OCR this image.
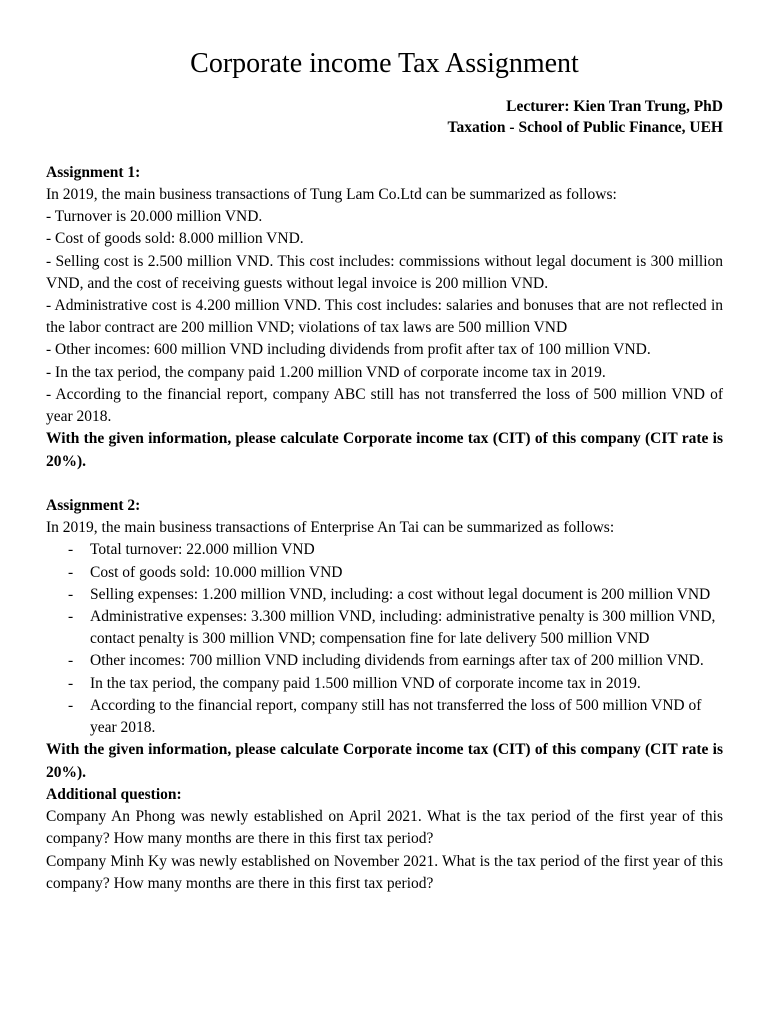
Corporate income Tax Assignment
Lecturer: Kien Tran Trung, PhD
Taxation - School of Public Finance, UEH

Assignment 1:

In 2019, the main business transactions of Tung Lam Co.Ltd can be summarized as follows:

- Turnover is 20.000 million VND.

- Cost of goods sold: 8.000 million VND.

- Selling cost is 2.500 million VND. This cost includes: commissions without legal document is 300 million VND, and the cost of receiving guests without legal invoice is 200 million VND.

- Administrative cost is 4.200 million VND. This cost includes: salaries and bonuses that are not reflected in the labor contract are 200 million VND; violations of tax laws are 500 million VND

- Other incomes: 600 million VND including dividends from profit after tax of 100 million VND.

- In the tax period, the company paid 1.200 million VND of corporate income tax in 2019.

- According to the financial report, company ABC still has not transferred the loss of 500 million VND of year 2018.

With the given information, please calculate Corporate income tax (CIT) of this company (CIT rate is 20%).

Assignment 2:

In 2019, the main business transactions of Enterprise An Tai can be summarized as follows:

- Total turnover: 22.000 million VND
- Cost of goods sold: 10.000 million VND
- Selling expenses: 1.200 million VND, including: a cost without legal document is 200 million VND
- Administrative expenses: 3.300 million VND, including: administrative penalty is 300 million VND, contact penalty is 300 million VND; compensation fine for late delivery 500 million VND
- Other incomes: 700 million VND including dividends from earnings after tax of 200 million VND.
- In the tax period, the company paid 1.500 million VND of corporate income tax in 2019.
- According to the financial report, company still has not transferred the loss of 500 million VND of year 2018.

With the given information, please calculate Corporate income tax (CIT) of this company (CIT rate is 20%).

Additional question:

Company An Phong was newly established on April 2021. What is the tax period of the first year of this company? How many months are there in this first tax period?

Company Minh Ky was newly established on November 2021. What is the tax period of the first year of this company? How many months are there in this first tax period?
